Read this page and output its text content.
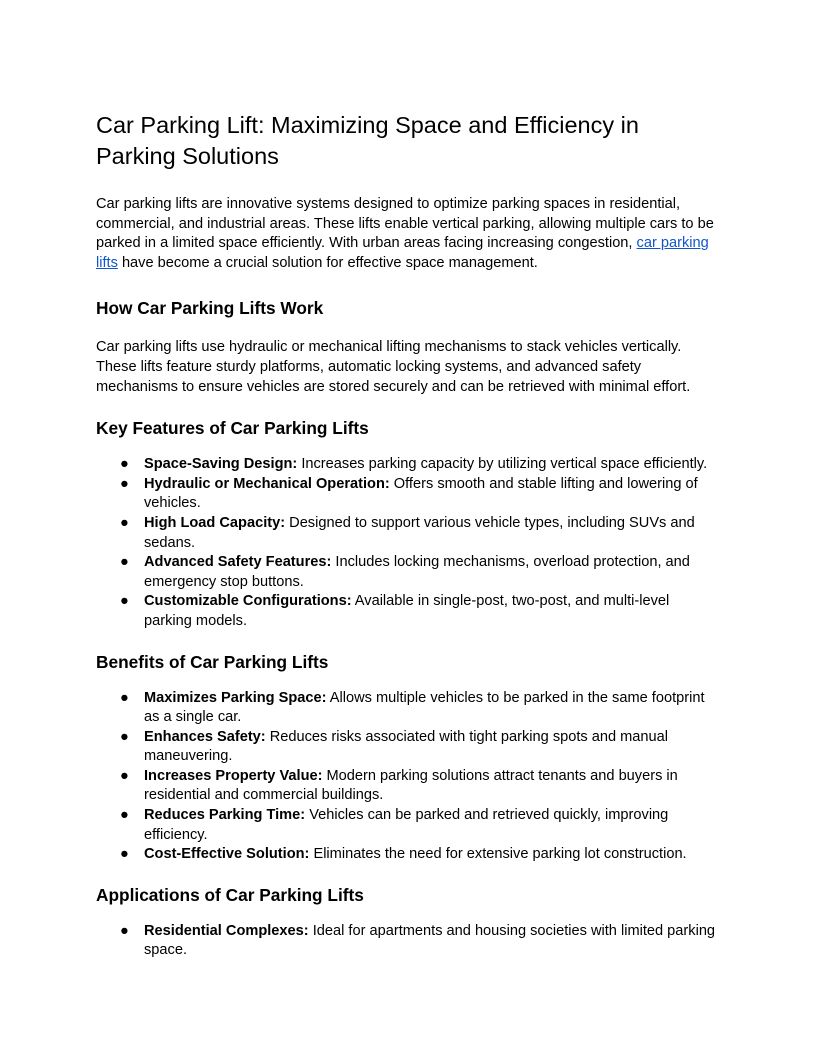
Car Parking Lift: Maximizing Space and Efficiency in Parking Solutions

Car parking lifts are innovative systems designed to optimize parking spaces in residential, commercial, and industrial areas. These lifts enable vertical parking, allowing multiple cars to be parked in a limited space efficiently. With urban areas facing increasing congestion, car parking lifts have become a crucial solution for effective space management.

How Car Parking Lifts Work

Car parking lifts use hydraulic or mechanical lifting mechanisms to stack vehicles vertically. These lifts feature sturdy platforms, automatic locking systems, and advanced safety mechanisms to ensure vehicles are stored securely and can be retrieved with minimal effort.

Key Features of Car Parking Lifts
● Space-Saving Design: Increases parking capacity by utilizing vertical space efficiently.
● Hydraulic or Mechanical Operation: Offers smooth and stable lifting and lowering of vehicles.
● High Load Capacity: Designed to support various vehicle types, including SUVs and sedans.
● Advanced Safety Features: Includes locking mechanisms, overload protection, and emergency stop buttons.
● Customizable Configurations: Available in single-post, two-post, and multi-level parking models.
Benefits of Car Parking Lifts
● Maximizes Parking Space: Allows multiple vehicles to be parked in the same footprint as a single car.
● Enhances Safety: Reduces risks associated with tight parking spots and manual maneuvering.
● Increases Property Value: Modern parking solutions attract tenants and buyers in residential and commercial buildings.
● Reduces Parking Time: Vehicles can be parked and retrieved quickly, improving efficiency.
● Cost-Effective Solution: Eliminates the need for extensive parking lot construction.
Applications of Car Parking Lifts
● Residential Complexes: Ideal for apartments and housing societies with limited parking space.
